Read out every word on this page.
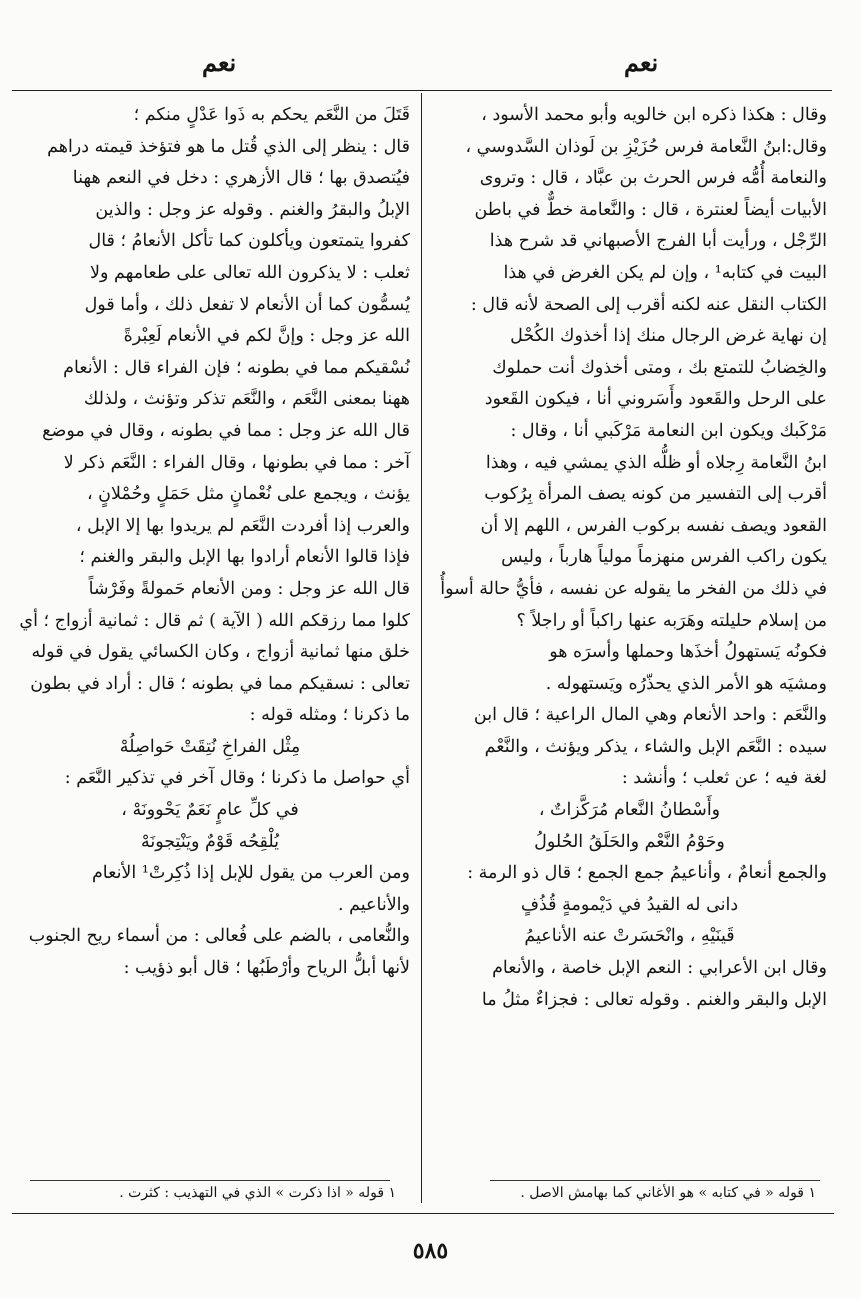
نعم
نعم

وقال : هكذا ذكره ابن خالويه وأبو محمد الأسود ،

وقال:ابنُ النَّعامة فرس حُزَيْزِ بن لَوذان السَّدوسي ،

والنعامة أُمُّه فرس الحرث بن عبَّاد ، قال : وتروى

الأبيات أيضاً لعنترة ، قال : والنَّعامة خطٌّ في باطن

الرِّجْل ، ورأيت أبا الفرج الأصبهاني قد شرح هذا

البيت في كتابه¹ ، وإن لم يكن الغرض في هذا

الكتاب النقل عنه لكنه أقرب إلى الصحة لأنه قال :

إن نهاية غرض الرجال منك إذا أخذوك الكُحْل

والخِضابُ للتمتع بك ، ومتى أخذوك أنت حملوك

على الرحل والقَعود وأَسَروني أنا ، فيكون القَعود

مَرْكَبك ويكون ابن النعامة مَرْكَبي أنا ، وقال :

ابنُ النَّعامة رِجلاه أو ظلُّه الذي يمشي فيه ، وهذا

أقرب إلى التفسير من كونه يصف المرأة بِرُكوب

القعود ويصف نفسه بركوب الفرس ، اللهم إلا أن

يكون راكب الفرس منهزماً مولياً هارباً ، وليس

في ذلك من الفخر ما يقوله عن نفسه ، فأيُّ حالة أسوأُ

من إسلام حليلته وهَرَبه عنها راكباً أو راجلاً ؟

فكونُه يَستهولُ أخذَها وحملها وأسرَه هو

ومشيَه هو الأمر الذي يحذّرُه ويَستهوله .

والنَّعَم : واحد الأنعام وهي المال الراعية ؛ قال ابن

سيده : النَّعَم الإبل والشاء ، يذكر ويؤنث ، والنَّعْم

لغة فيه ؛ عن ثعلب ؛ وأنشد :

وأَسْطانُ النَّعام مُرَكَّزاتٌ ،

وحَوْمُ النَّعْم والحَلَقُ الحُلولُ

والجمع أنعامٌ ، وأناعيمُ جمع الجمع ؛ قال ذو الرمة :

دانى له القيدُ في دَيْمومةٍ قُذُفٍ

قَينَيْهِ ، وانْحَسَرتْ عنه الأناعيمُ

وقال ابن الأعرابي : النعم الإبل خاصة ، والأنعام

الإبل والبقر والغنم . وقوله تعالى : فجزاءٌ مثلُ ما

قَتَلَ من النَّعَم يحكم به ذَوا عَدْلٍ منكم ؛

قال : ينظر إلى الذي قُتل ما هو فتؤخذ قيمته دراهم

فيُتصدق بها ؛ قال الأزهري : دخل في النعم ههنا

الإبلُ والبقرُ والغنم . وقوله عز وجل : والذين

كفروا يتمتعون ويأكلون كما تأكل الأنعامُ ؛ قال

ثعلب : لا يذكرون الله تعالى على طعامهم ولا

يُسمُّون كما أن الأنعام لا تفعل ذلك ، وأما قول

الله عز وجل : وإنَّ لكم في الأنعام لَعِبْرةً

نُسْقيكم مما في بطونه ؛ فإن الفراء قال : الأنعام

ههنا بمعنى النَّعَم ، والنَّعَم تذكر وتؤنث ، ولذلك

قال الله عز وجل : مما في بطونه ، وقال في موضع

آخر : مما في بطونها ، وقال الفراء : النَّعَم ذكر لا

يؤنث ، ويجمع على نُعْمانٍ مثل حَمَلٍ وحُمْلانٍ ،

والعرب إذا أفردت النَّعَم لم يريدوا بها إلا الإبل ،

فإذا قالوا الأنعام أرادوا بها الإبل والبقر والغنم ؛

قال الله عز وجل : ومن الأنعام حَمولةً وفَرْشاً

كلوا مما رزقكم الله ( الآية ) ثم قال : ثمانية أزواج ؛ أي

خلق منها ثمانية أزواج ، وكان الكسائي يقول في قوله

تعالى : نسقيكم مما في بطونه ؛ قال : أراد في بطون

ما ذكرنا ؛ ومثله قوله :

مِثْل الفراخِ نُتِقَتْ حَواصِلُهْ

أي حواصل ما ذكرنا ؛ وقال آخر في تذكير النَّعَم :

في كلِّ عامٍ نَعَمٌ يَحْوونَهْ ،

يُلْقِحُه قَوْمٌ ويَنْتِجونَهْ

ومن العرب من يقول للإبل إذا ذُكِرتْ¹ الأنعام

والأناعيم .

والنُّعامى ، بالضم على فُعالى : من أسماء ريح الجنوب

لأنها أبلُّ الرياح وأرْطَبُها ؛ قال أبو ذؤيب :

١ قوله « في كتابه » هو الأغاني كما بهامش الاصل .
١ قوله « اذا ذكرت » الذي في التهذيب : كثرت .
٥٨٥
